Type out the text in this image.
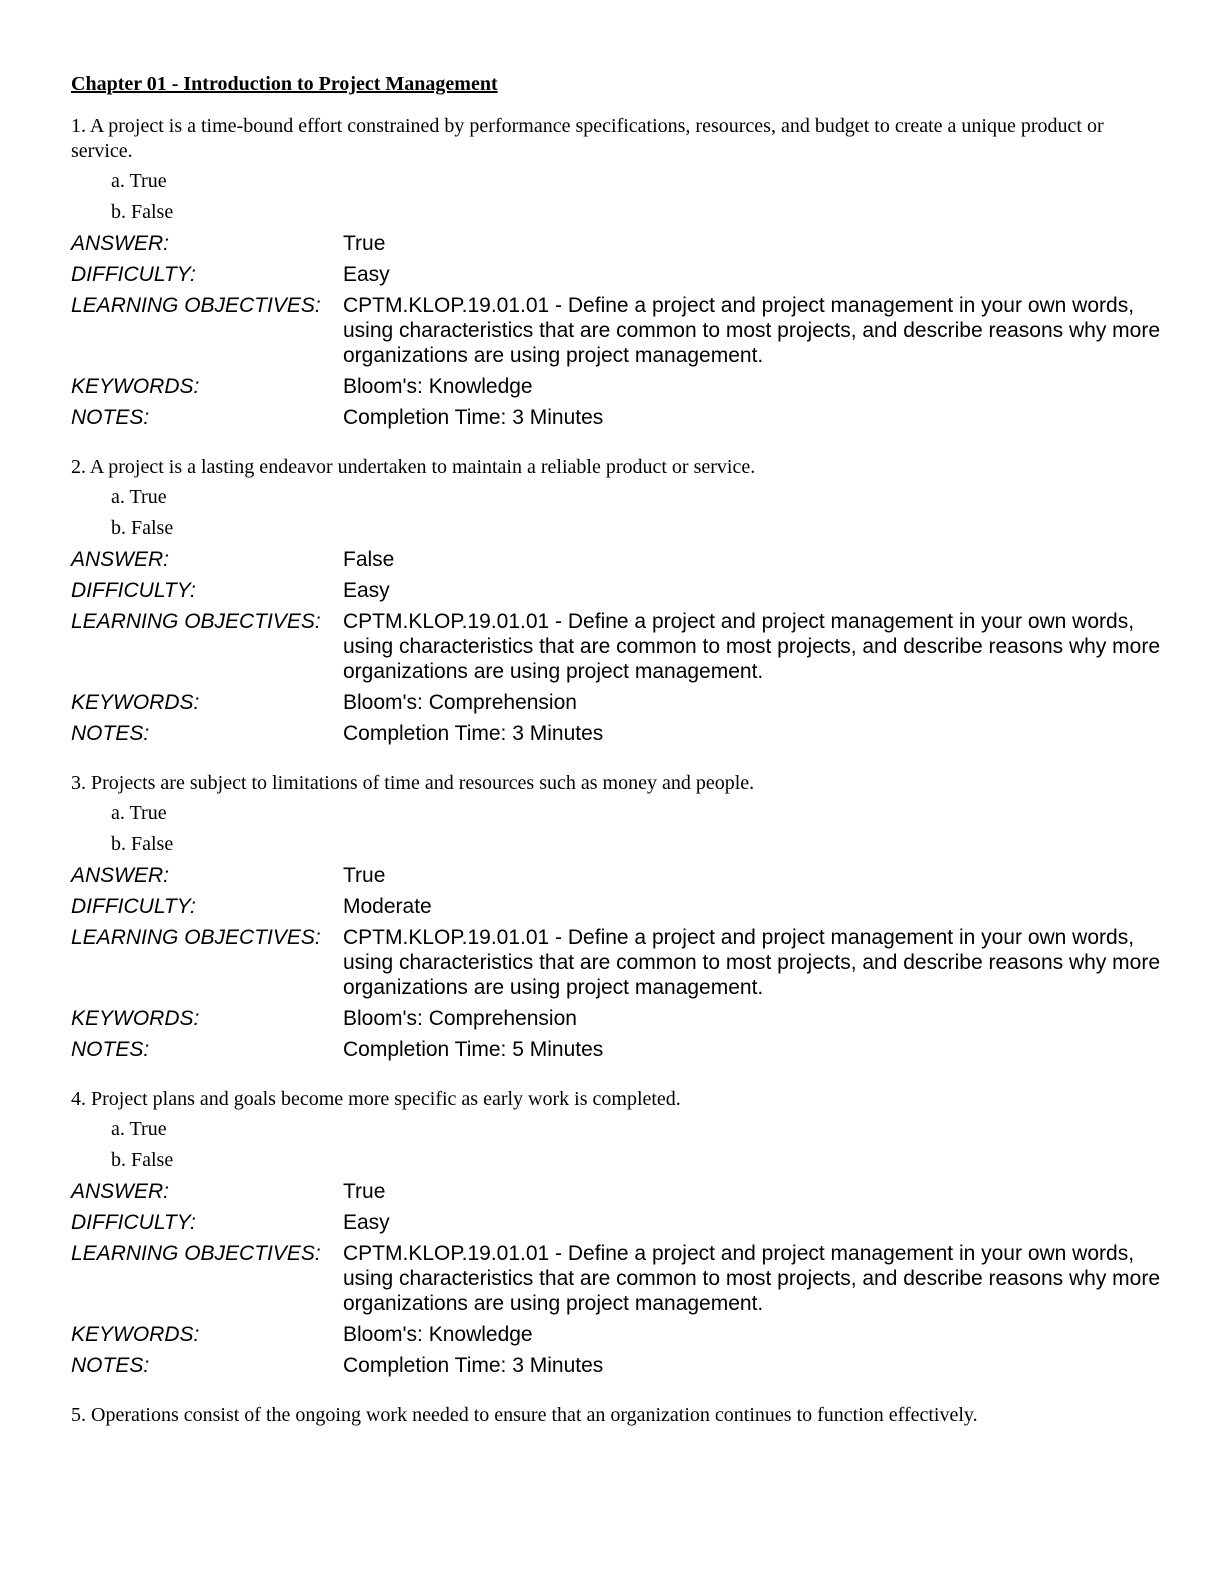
Chapter 01 - Introduction to Project Management

1. A project is a time-bound effort constrained by performance specifications, resources, and budget to create a unique product or service.

a. True
b. False
ANSWER:	True
DIFFICULTY:	Easy
LEARNING OBJECTIVES:	CPTM.KLOP.19.01.01 - Define a project and project management in your own words, using characteristics that are common to most projects, and describe reasons why more organizations are using project management.
KEYWORDS:	Bloom's: Knowledge
NOTES:	Completion Time: 3 Minutes

2. A project is a lasting endeavor undertaken to maintain a reliable product or service.

a. True
b. False
ANSWER:	False
DIFFICULTY:	Easy
LEARNING OBJECTIVES:	CPTM.KLOP.19.01.01 - Define a project and project management in your own words, using characteristics that are common to most projects, and describe reasons why more organizations are using project management.
KEYWORDS:	Bloom's: Comprehension
NOTES:	Completion Time: 3 Minutes

3. Projects are subject to limitations of time and resources such as money and people.

a. True
b. False
ANSWER:	True
DIFFICULTY:	Moderate
LEARNING OBJECTIVES:	CPTM.KLOP.19.01.01 - Define a project and project management in your own words, using characteristics that are common to most projects, and describe reasons why more organizations are using project management.
KEYWORDS:	Bloom's: Comprehension
NOTES:	Completion Time: 5 Minutes

4. Project plans and goals become more specific as early work is completed.

a. True
b. False
ANSWER:	True
DIFFICULTY:	Easy
LEARNING OBJECTIVES:	CPTM.KLOP.19.01.01 - Define a project and project management in your own words, using characteristics that are common to most projects, and describe reasons why more organizations are using project management.
KEYWORDS:	Bloom's: Knowledge
NOTES:	Completion Time: 3 Minutes

5. Operations consist of the ongoing work needed to ensure that an organization continues to function effectively.
